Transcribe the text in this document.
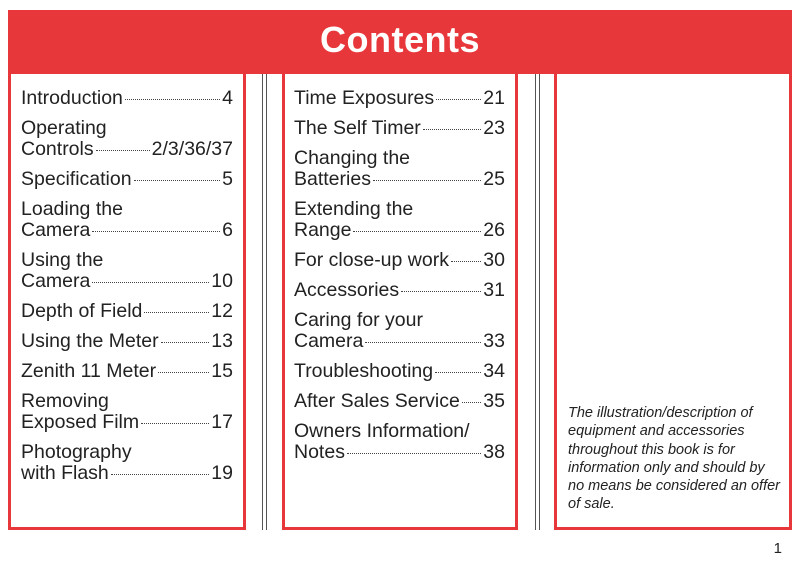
Contents
Introduction	4
Operating
Controls	2/3/36/37
Specification	5
Loading the
Camera	6
Using the
Camera	10
Depth of Field	12
Using the Meter	13
Zenith 11 Meter	15
Removing
Exposed Film	17
Photography
with Flash	19
Time Exposures	21
The Self Timer	23
Changing the
Batteries	25
Extending the
Range	26
For close-up work 30
Accessories	31
Caring for your
Camera	33
Troubleshooting	34
After Sales Service 35
Owners Information/
Notes	38
The illustration/description of equipment and accessories throughout this book is for information only and should by no means be considered an offer of sale.
1
